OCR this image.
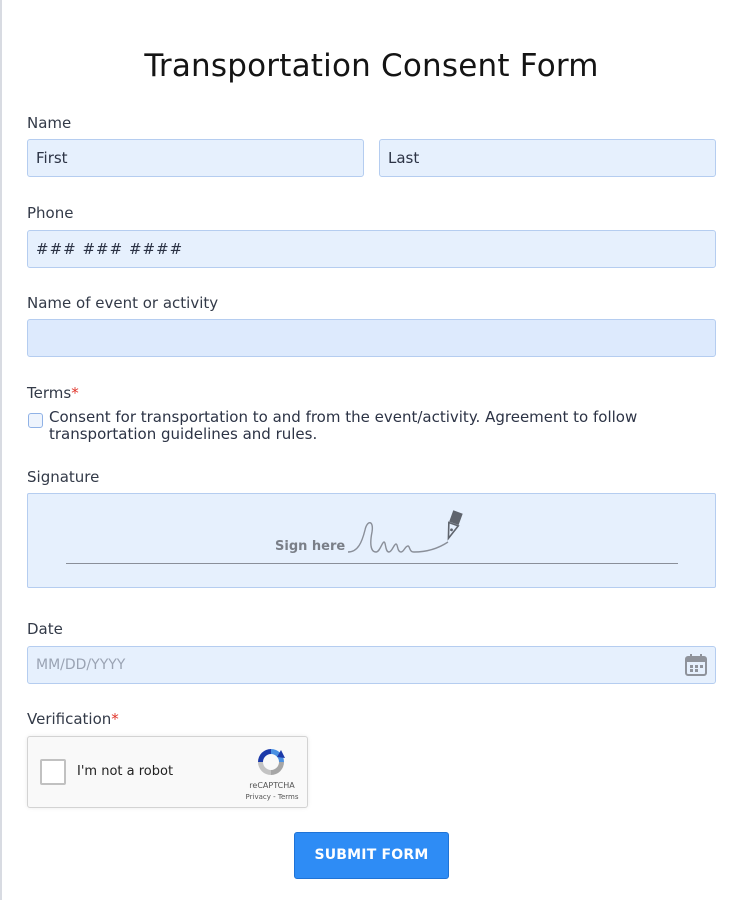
Transportation Consent Form
Name
First	Last
Phone
### ### ####
Name of event or activity
Terms*
Consent for transportation to and from the event/activity. Agreement to follow transportation guidelines and rules.
Signature
Sign here
Date
MM/DD/YYYY
Verification*
I'm not a robot
reCAPTCHA
Privacy - Terms
SUBMIT FORM
